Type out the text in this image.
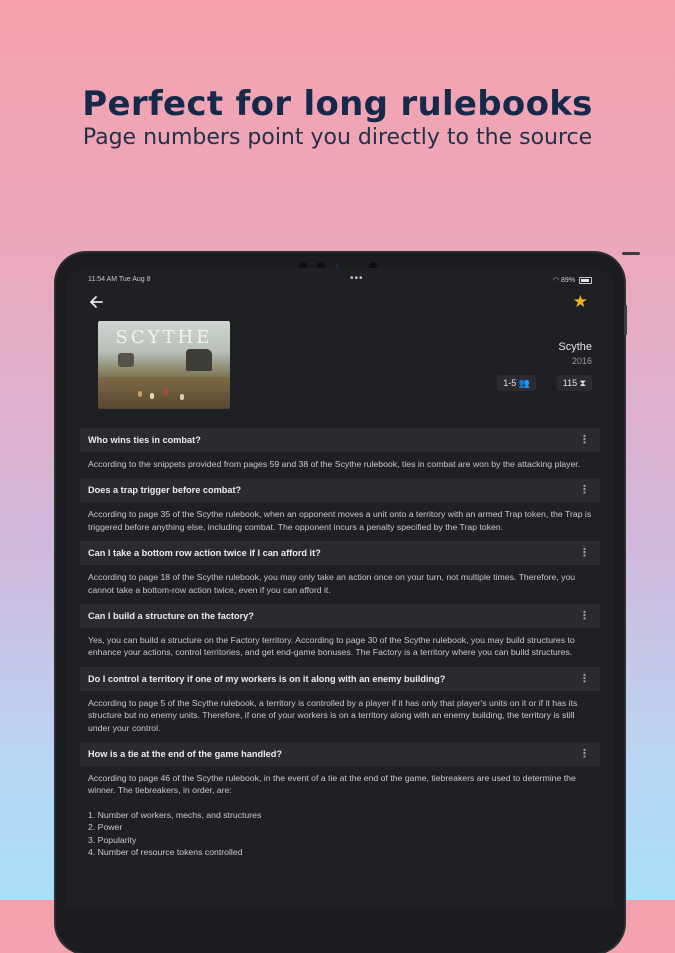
Perfect for long rulebooks
Page numbers point you directly to the source
11:54 AM Tue Aug 8	•••	◠ 89%
★
SCYTHE	Scythe
2016
1-5 👥	115 ⧗
Who wins ties in combat?	⋮

According to the snippets provided from pages 59 and 38 of the Scythe rulebook, ties in combat are won by the attacking player.

Does a trap trigger before combat?	⋮

According to page 35 of the Scythe rulebook, when an opponent moves a unit onto a territory with an armed Trap token, the Trap is triggered before anything else, including combat. The opponent incurs a penalty specified by the Trap token.

Can I take a bottom row action twice if I can afford it?	⋮

According to page 18 of the Scythe rulebook, you may only take an action once on your turn, not multiple times. Therefore, you cannot take a bottom-row action twice, even if you can afford it.

Can I build a structure on the factory?	⋮

Yes, you can build a structure on the Factory territory. According to page 30 of the Scythe rulebook, you may build structures to enhance your actions, control territories, and get end-game bonuses. The Factory is a territory where you can build structures.

Do I control a territory if one of my workers is on it along with an enemy building?	⋮

According to page 5 of the Scythe rulebook, a territory is controlled by a player if it has only that player's units on it or if it has its structure but no enemy units. Therefore, if one of your workers is on a territory along with an enemy building, the territory is still under your control.

How is a tie at the end of the game handled?	⋮

According to page 46 of the Scythe rulebook, in the event of a tie at the end of the game, tiebreakers are used to determine the winner. The tiebreakers, in order, are:

1. Number of workers, mechs, and structures

2. Power

3. Popularity

4. Number of resource tokens controlled
